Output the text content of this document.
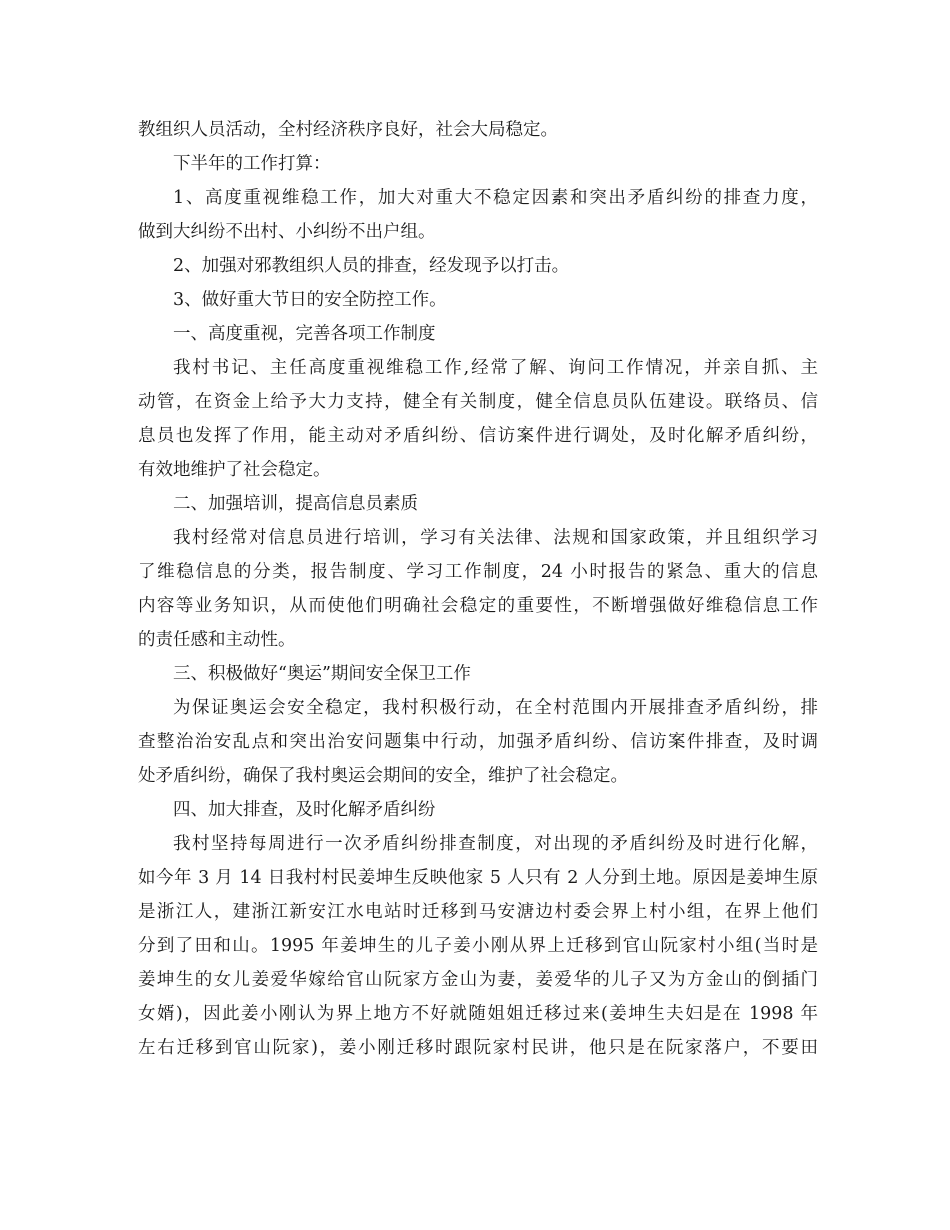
教组织人员活动，全村经济秩序良好，社会大局稳定。
下半年的工作打算：
1、高度重视维稳工作，加大对重大不稳定因素和突出矛盾纠纷的排查力度，
做到大纠纷不出村、小纠纷不出户组。
2、加强对邪教组织人员的排查，经发现予以打击。
3、做好重大节日的安全防控工作。
一、高度重视，完善各项工作制度
我村书记、主任高度重视维稳工作,经常了解、询问工作情况，并亲自抓、主
动管，在资金上给予大力支持，健全有关制度，健全信息员队伍建设。联络员、信
息员也发挥了作用，能主动对矛盾纠纷、信访案件进行调处，及时化解矛盾纠纷，
有效地维护了社会稳定。
二、加强培训，提高信息员素质
我村经常对信息员进行培训，学习有关法律、法规和国家政策，并且组织学习
了维稳信息的分类，报告制度、学习工作制度，24 小时报告的紧急、重大的信息
内容等业务知识，从而使他们明确社会稳定的重要性，不断增强做好维稳信息工作
的责任感和主动性。
三、积极做好“奥运”期间安全保卫工作
为保证奥运会安全稳定，我村积极行动，在全村范围内开展排查矛盾纠纷，排
查整治治安乱点和突出治安问题集中行动，加强矛盾纠纷、信访案件排查，及时调
处矛盾纠纷，确保了我村奥运会期间的安全，维护了社会稳定。
四、加大排查，及时化解矛盾纠纷
我村坚持每周进行一次矛盾纠纷排查制度，对出现的矛盾纠纷及时进行化解，
如今年 3 月 14 日我村村民姜坤生反映他家 5 人只有 2 人分到土地。原因是姜坤生原
是浙江人，建浙江新安江水电站时迁移到马安溏边村委会界上村小组，在界上他们
分到了田和山。1995 年姜坤生的儿子姜小刚从界上迁移到官山阮家村小组(当时是
姜坤生的女儿姜爱华嫁给官山阮家方金山为妻，姜爱华的儿子又为方金山的倒插门
女婿)，因此姜小刚认为界上地方不好就随姐姐迁移过来(姜坤生夫妇是在 1998 年
左右迁移到官山阮家)，姜小刚迁移时跟阮家村民讲，他只是在阮家落户，不要田
